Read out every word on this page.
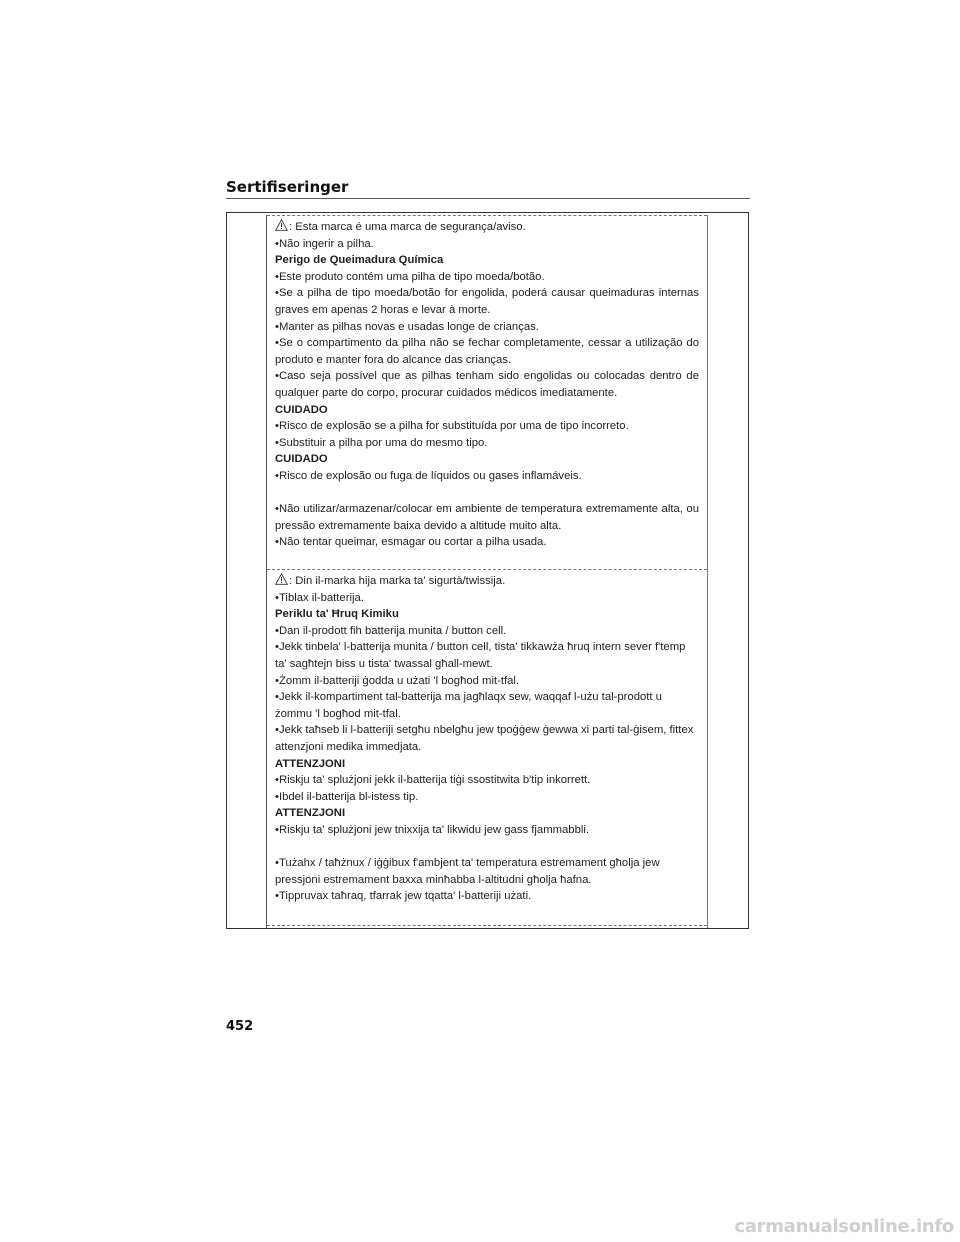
Sertifiseringer

: Esta marca é uma marca de segurança/aviso.

•Não ingerir a pilha.

Perigo de Queimadura Química

•Este produto contém uma pilha de tipo moeda/botão.

•Se a pilha de tipo moeda/botão for engolida, poderá causar queimaduras internas graves em apenas 2 horas e levar à morte.

•Manter as pilhas novas e usadas longe de crianças.

•Se o compartimento da pilha não se fechar completamente, cessar a utilização do produto e manter fora do alcance das crianças.

•Caso seja possível que as pilhas tenham sido engolidas ou colocadas dentro de qualquer parte do corpo, procurar cuidados médicos imediatamente.

CUIDADO

•Risco de explosão se a pilha for substituída por uma de tipo incorreto.

•Substituir a pilha por uma do mesmo tipo.

CUIDADO

•Risco de explosão ou fuga de líquidos ou gases inflamáveis.

•Não utilizar/armazenar/colocar em ambiente de temperatura extremamente alta, ou pressão extremamente baixa devido a altitude muito alta.

•Não tentar queimar, esmagar ou cortar a pilha usada.

: Din il-marka hija marka ta' sigurtà/twissija.

•Tiblax il-batterija.

Periklu ta' Ħruq Kimiku

•Dan il-prodott fih batterija munita / button cell.

•Jekk tinbela' l-batterija munita / button cell, tista' tikkawża ħruq intern sever f'temp ta' sagħtejn biss u tista' twassal għall-mewt.

•Żomm il-batteriji ġodda u użati 'l bogħod mit-tfal.

•Jekk il-kompartiment tal-batterija ma jagħlaqx sew, waqqaf l-użu tal-prodott u żommu 'l bogħod mit-tfal.

•Jekk taħseb li l-batteriji setgħu nbelgħu jew tpoġġew ġewwa xi parti tal-ġisem, fittex attenzjoni medika immedjata.

ATTENZJONI

•Riskju ta' splużjoni jekk il-batterija tiġi ssostitwita b'tip inkorrett.

•Ibdel il-batterija bl-istess tip.

ATTENZJONI

•Riskju ta' splużjoni jew tnixxija ta' likwidu jew gass fjammabbli.

•Tużahx / taħżnux / iġġibux f'ambjent ta' temperatura estremament għolja jew pressjoni estremament baxxa minħabba l-altitudni għolja ħafna.

•Tippruvax taħraq, tfarrak jew tqatta' l-batteriji użati.

452
carmanualsonline.info
